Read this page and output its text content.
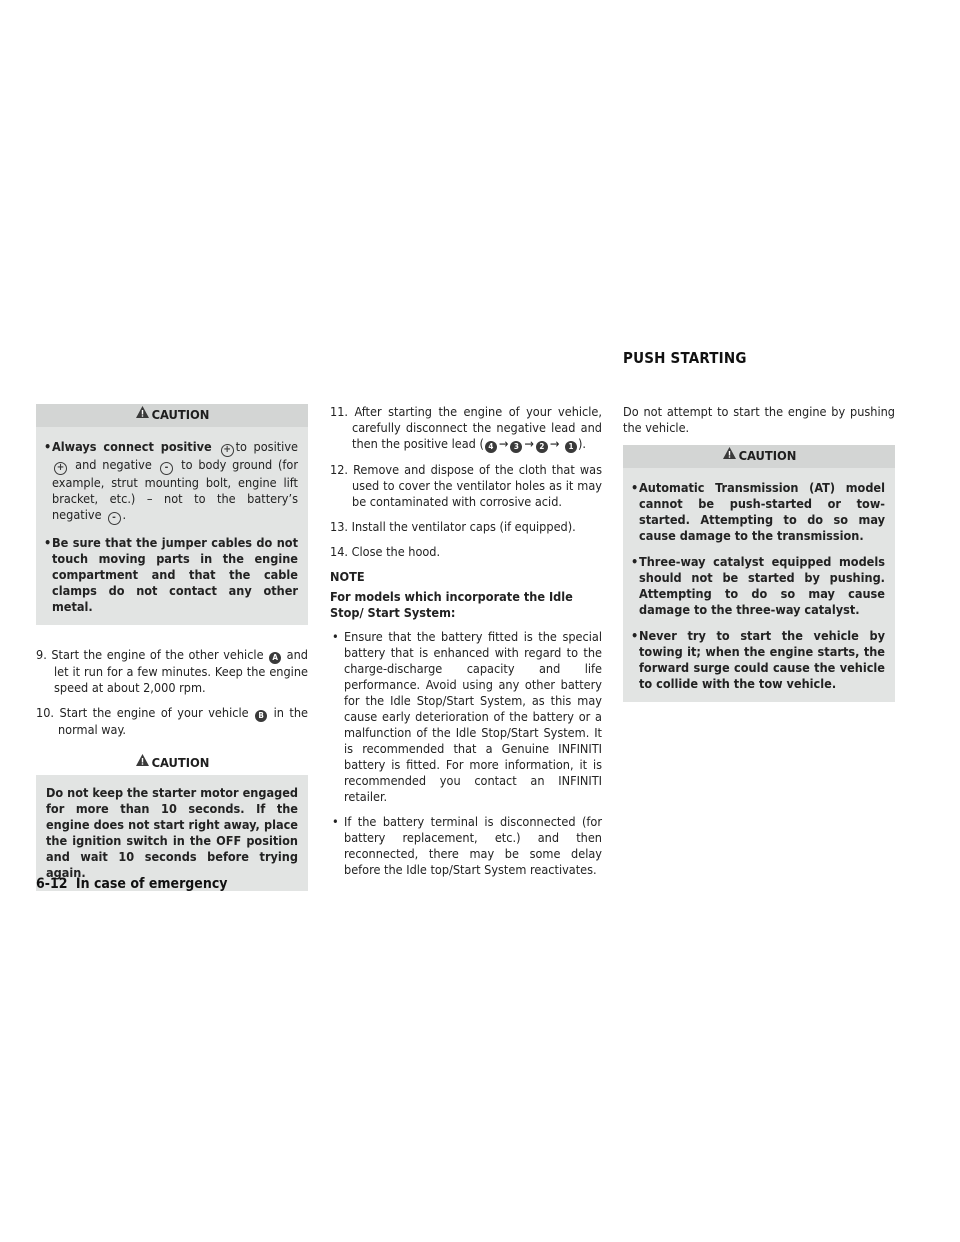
PUSH STARTING
CAUTION
• Always connect positive + to positive + and negative - to body ground (for example, strut mounting bolt, engine lift bracket, etc.) – not to the battery’s negative - .
• Be sure that the jumper cables do not touch moving parts in the engine compartment and that the cable clamps do not contact any other metal.
9. Start the engine of the other vehicle A and let it run for a few minutes. Keep the engine speed at about 2,000 rpm.
10. Start the engine of your vehicle B in the normal way.
CAUTION
Do not keep the starter motor engaged for more than 10 seconds. If the engine does not start right away, place the ignition switch in the OFF position and wait 10 seconds before trying again.
11. After starting the engine of your vehicle, carefully disconnect the negative lead and then the positive lead ( 4 → 3 → 2 → 1 ).
12. Remove and dispose of the cloth that was used to cover the ventilator holes as it may be contaminated with corrosive acid.
13. Install the ventilator caps (if equipped).
14. Close the hood.
NOTE
For models which incorporate the Idle Stop/ Start System:
• Ensure that the battery fitted is the special battery that is enhanced with regard to the charge-discharge capacity and life performance. Avoid using any other battery for the Idle Stop/Start System, as this may cause early deterioration of the battery or a malfunction of the Idle Stop/Start System. It is recommended that a Genuine INFINITI battery is fitted. For more information, it is recommended you contact an INFINITI retailer.
• If the battery terminal is disconnected (for battery replacement, etc.) and then reconnected, there may be some delay before the Idle top/Start System reactivates.
Do not attempt to start the engine by pushing the vehicle.
CAUTION
• Automatic Transmission (AT) model cannot be push-started or tow-started. Attempting to do so may cause damage to the transmission.
• Three-way catalyst equipped models should not be started by pushing. Attempting to do so may cause damage to the three-way catalyst.
• Never try to start the vehicle by towing it; when the engine starts, the forward surge could cause the vehicle to collide with the tow vehicle.
6-12 In case of emergency
